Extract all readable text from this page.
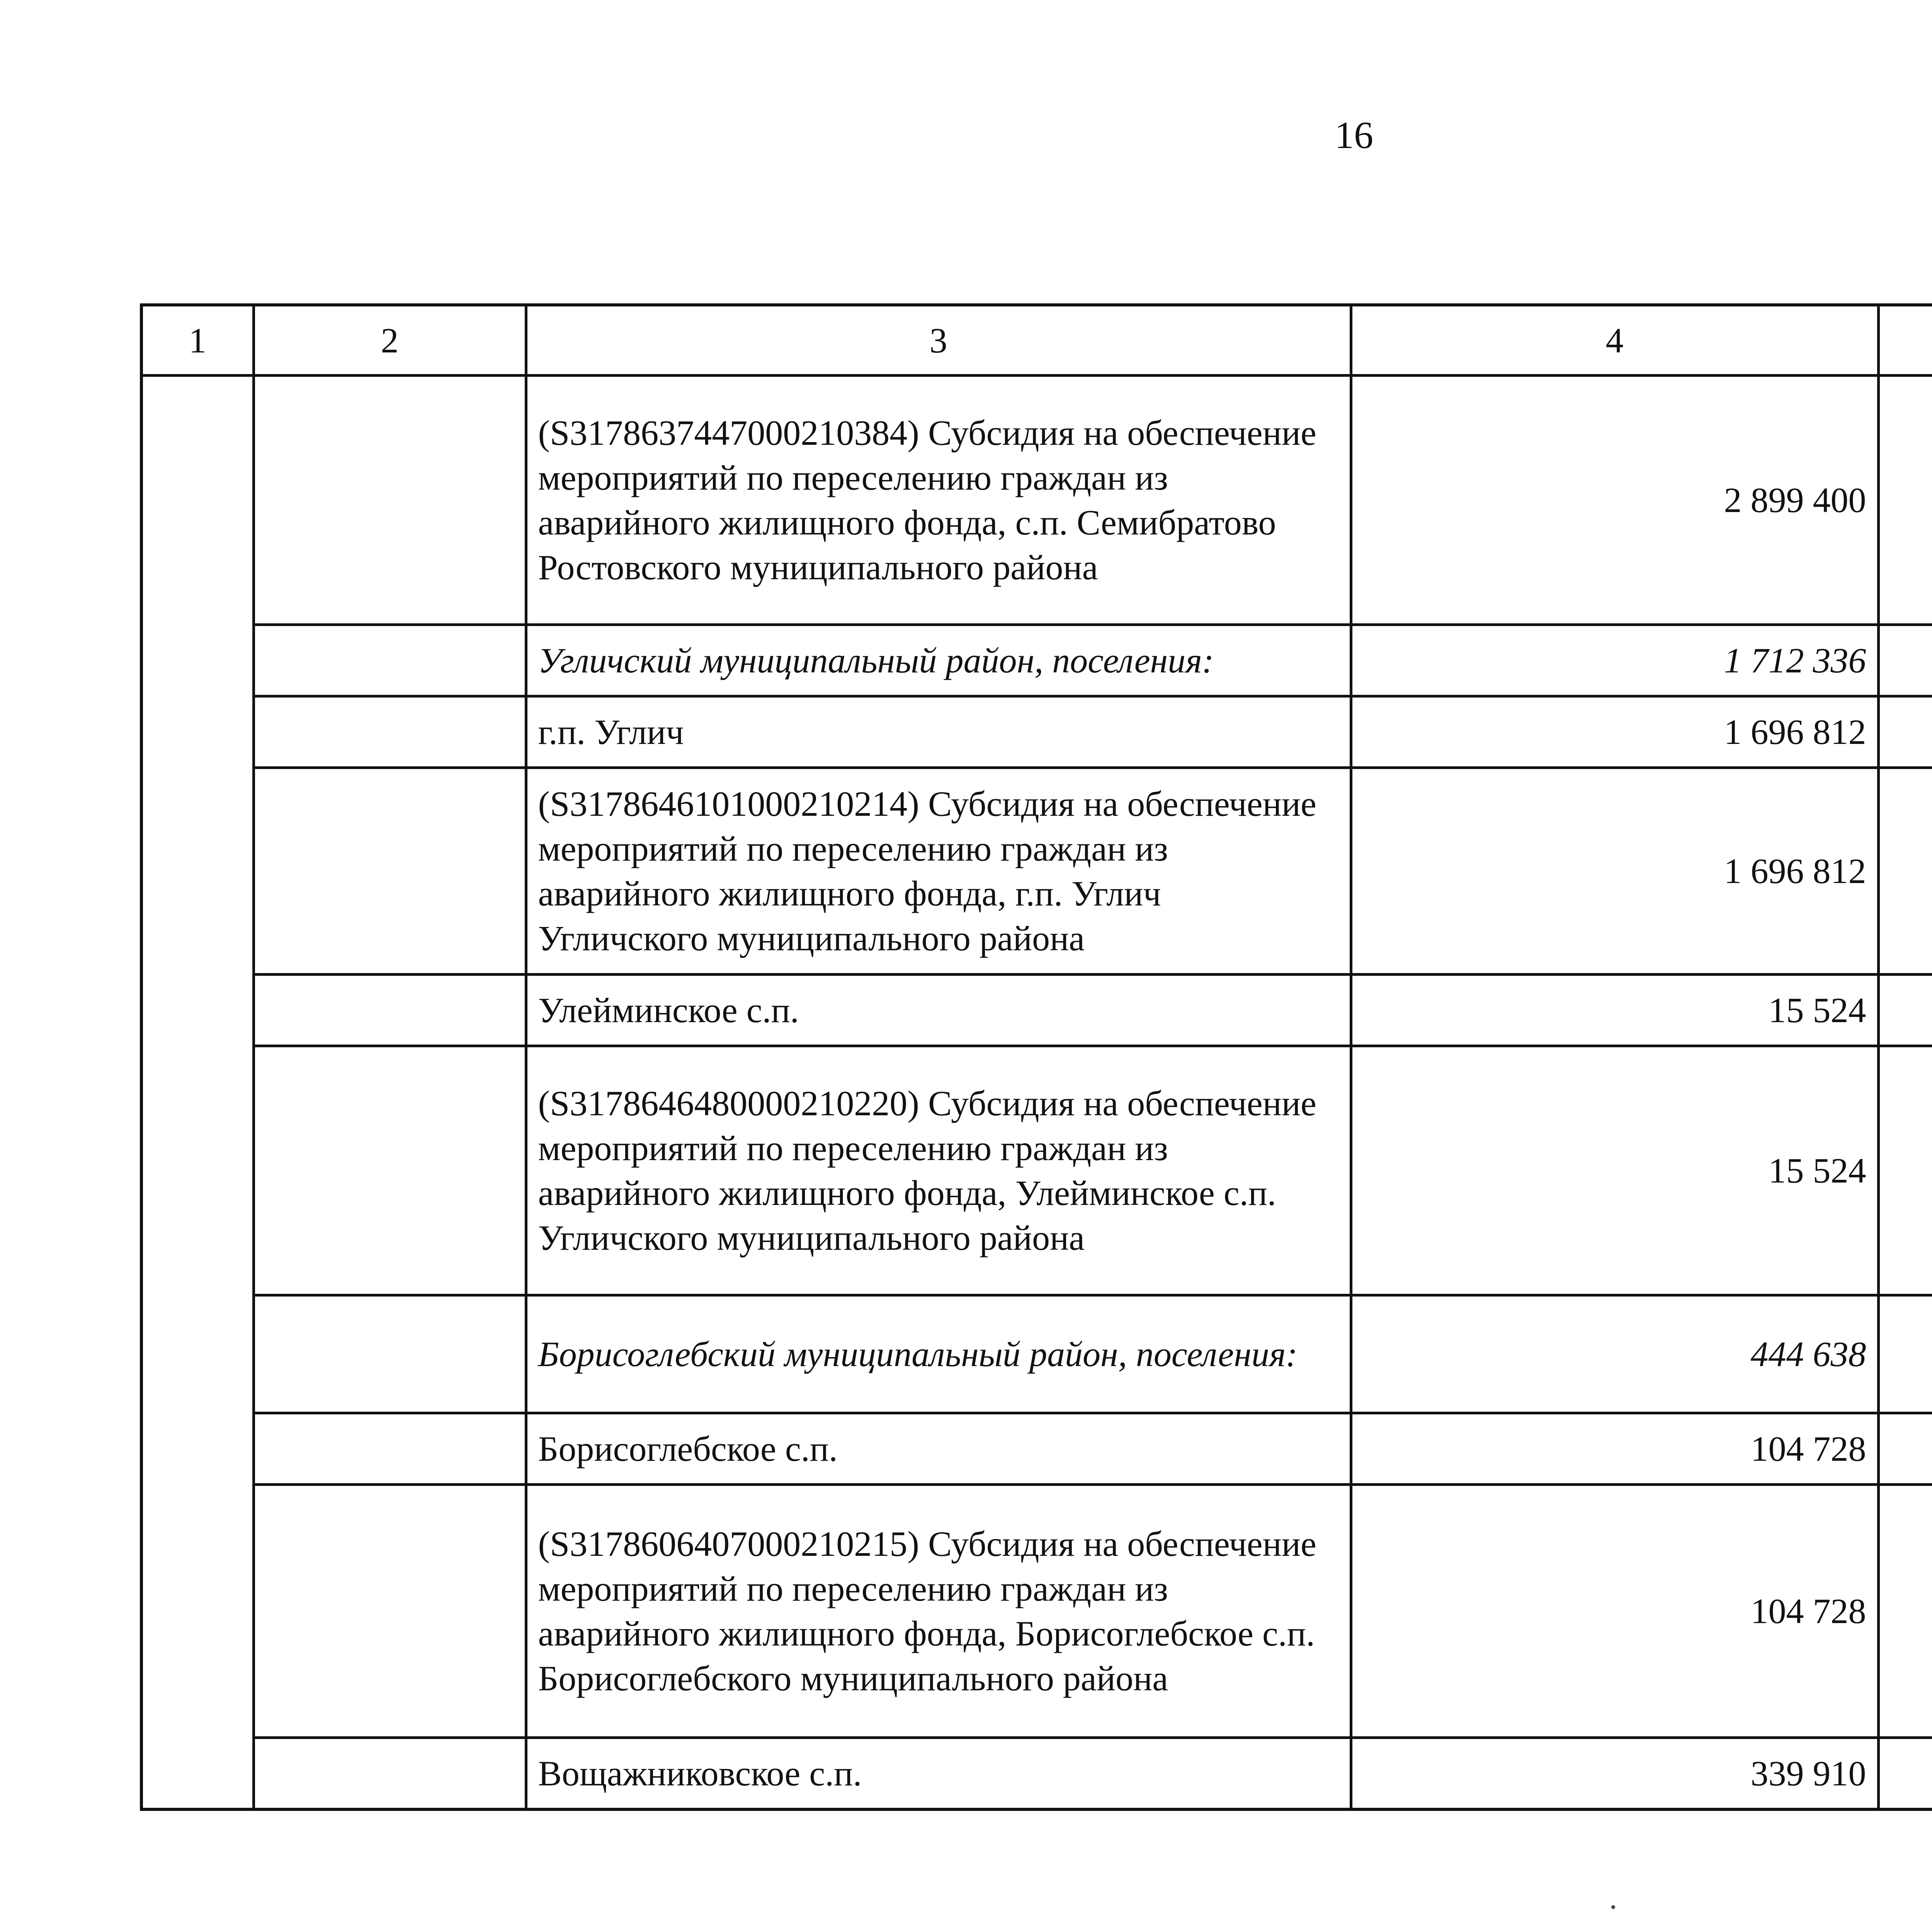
16
1	2	3	4			
		(S3178637447000210384) Субсидия на обеспечение мероприятий по переселению граждан из аварийного жилищного фонда, с.п. Семибратово Ростовского муниципального района	2 899 400			
		Угличский муниципальный район, поселения:	1 712 336			
		г.п. Углич	1 696 812			
		(S3178646101000210214) Субсидия на обеспечение мероприятий по переселению граждан из аварийного жилищного фонда, г.п. Углич Угличского муниципального района	1 696 812			
		Улейминское с.п.	15 524			
		(S3178646480000210220) Субсидия на обеспечение мероприятий по переселению граждан из аварийного жилищного фонда, Улейминское с.п. Угличского муниципального района	15 524			
		Борисоглебский муниципальный район, поселения:	444 638			
		Борисоглебское с.п.	104 728			
		(S3178606407000210215) Субсидия на обеспечение мероприятий по переселению граждан из аварийного жилищного фонда, Борисоглебское с.п. Борисоглебского муниципального района	104 728			
		Вощажниковское с.п.	339 910			
